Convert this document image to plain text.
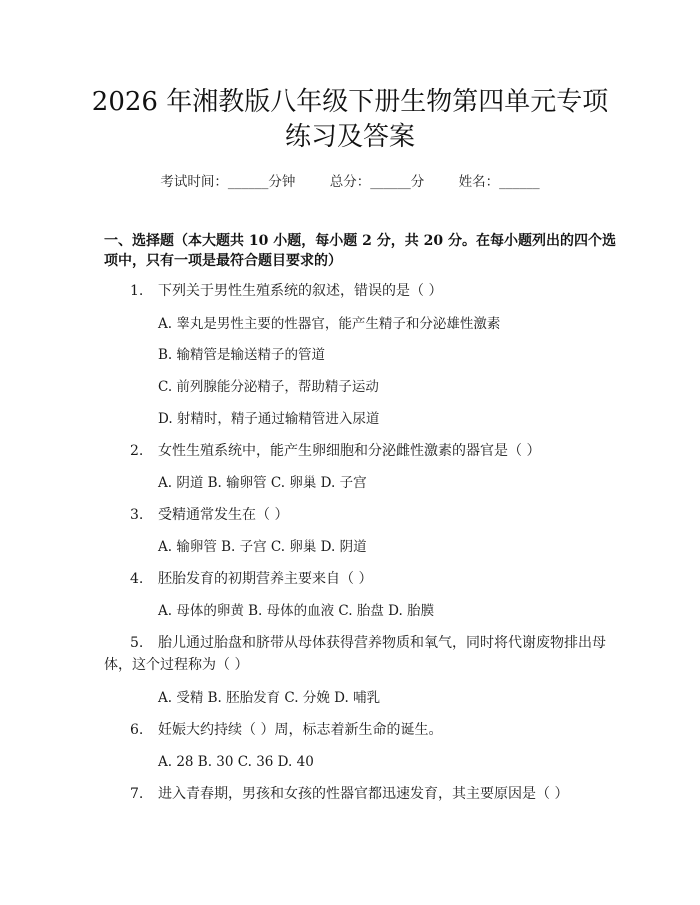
2026 年湘教版八年级下册生物第四单元专项
练习及答案
考试时间：______分钟	总分：______分	姓名：______
一、选择题（本大题共 10 小题，每小题 2 分，共 20 分。在每小题列出的四个选
项中，只有一项是最符合题目要求的）
1. 下列关于男性生殖系统的叙述，错误的是（ ）
A. 睾丸是男性主要的性器官，能产生精子和分泌雄性激素
B. 输精管是输送精子的管道
C. 前列腺能分泌精子，帮助精子运动
D. 射精时，精子通过输精管进入尿道
2. 女性生殖系统中，能产生卵细胞和分泌雌性激素的器官是（ ）
A. 阴道 B. 输卵管 C. 卵巢 D. 子宫
3. 受精通常发生在（ ）
A. 输卵管 B. 子宫 C. 卵巢 D. 阴道
4. 胚胎发育的初期营养主要来自（ ）
A. 母体的卵黄 B. 母体的血液 C. 胎盘 D. 胎膜
5. 胎儿通过胎盘和脐带从母体获得营养物质和氧气，同时将代谢废物排出母
体，这个过程称为（ ）
A. 受精 B. 胚胎发育 C. 分娩 D. 哺乳
6. 妊娠大约持续（ ）周，标志着新生命的诞生。
A. 28 B. 30 C. 36 D. 40
7. 进入青春期，男孩和女孩的性器官都迅速发育，其主要原因是（ ）
